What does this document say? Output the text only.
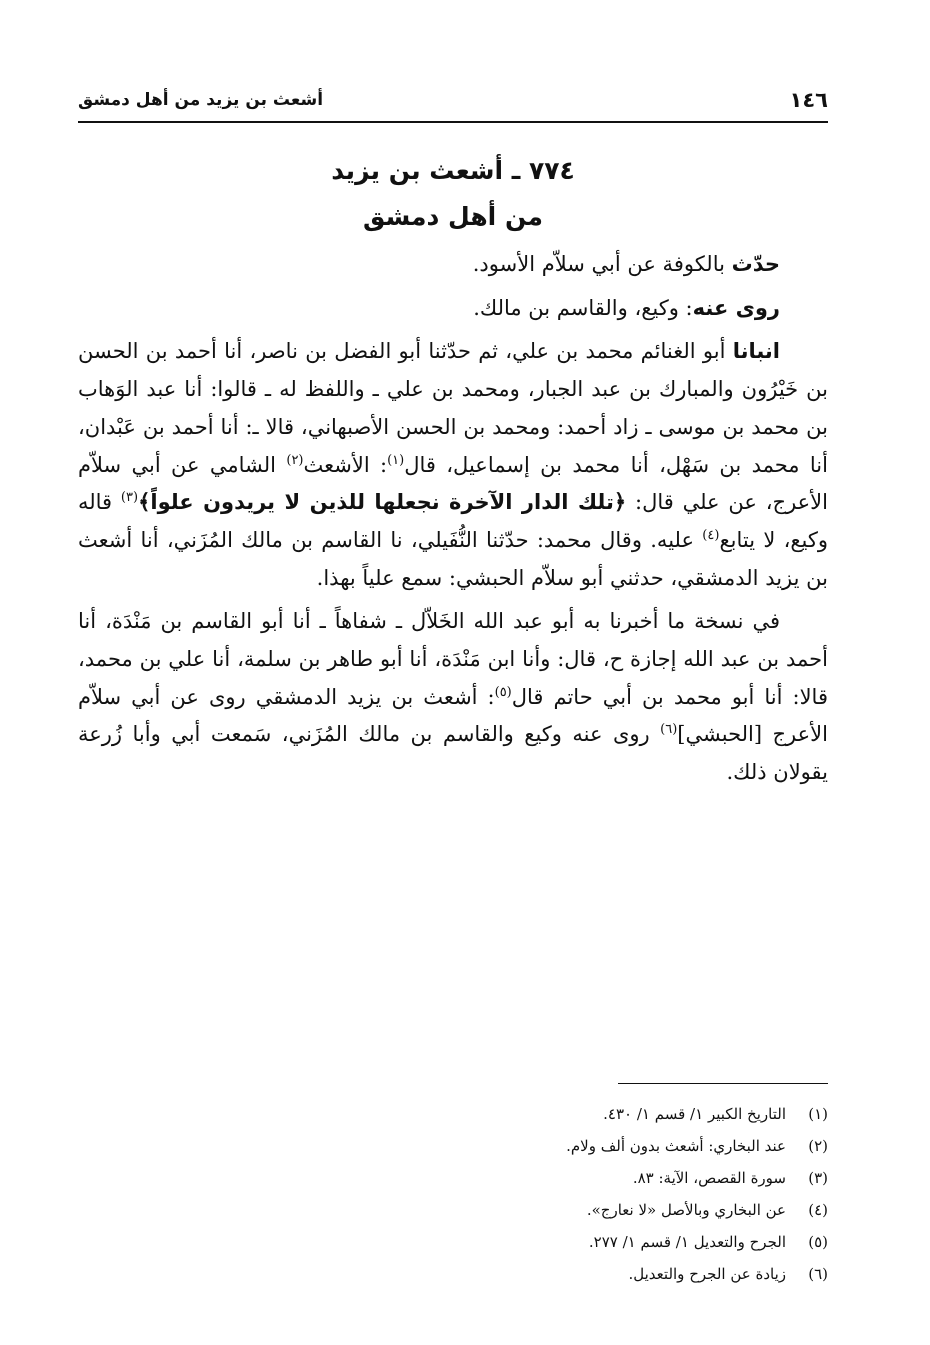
١٤٦
أشعث بن يزيد من أهل دمشق
٧٧٤ ـ أشعث بن يزيد
من أهل دمشق

حدّث بالكوفة عن أبي سلاّم الأسود.

روى عنه: وكيع، والقاسم بن مالك.

انبانا أبو الغنائم محمد بن علي، ثم حدّثنا أبو الفضل بن ناصر، أنا أحمد بن الحسن بن خَيْرُون والمبارك بن عبد الجبار، ومحمد بن علي ـ واللفظ له ـ قالوا: أنا عبد الوَهاب بن محمد بن موسى ـ زاد أحمد: ومحمد بن الحسن الأصبهاني، قالا ـ: أنا أحمد بن عَبْدان، أنا محمد بن سَهْل، أنا محمد بن إسماعيل، قال$^{(١)}$: الأشعث$^{(٢)}$ الشامي عن أبي سلاّم الأعرج، عن علي قال: ﴿تلك الدار الآخرة نجعلها للذين لا يريدون علواً﴾$^{(٣)}$ قاله وكيع، لا يتابع$^{(٤)}$ عليه. وقال محمد: حدّثنا النُّفَيلي، نا القاسم بن مالك المُزَني، أنا أشعث بن يزيد الدمشقي، حدثني أبو سلاّم الحبشي: سمع علياً بهذا.

في نسخة ما أخبرنا به أبو عبد الله الخَلاّل ـ شفاهاً ـ أنا أبو القاسم بن مَنْدَة، أنا أحمد بن عبد الله إجازة ح، قال: وأنا ابن مَنْدَة، أنا أبو طاهر بن سلمة، أنا علي بن محمد، قالا: أنا أبو محمد بن أبي حاتم قال$^{(٥)}$: أشعث بن يزيد الدمشقي روى عن أبي سلاّم الأعرج [الحبشي]$^{(٦)}$ روى عنه وكيع والقاسم بن مالك المُزَني، سَمعت أبي وأبا زُرعة يقولان ذلك.

(١)التاريخ الكبير ١/ قسم ١/ ٤٣٠.
(٢)عند البخاري: أشعث بدون ألف ولام.
(٣)سورة القصص، الآية: ٨٣.
(٤)عن البخاري وبالأصل «لا نعارج».
(٥)الجرح والتعديل ١/ قسم ١/ ٢٧٧.
(٦)زيادة عن الجرح والتعديل.
